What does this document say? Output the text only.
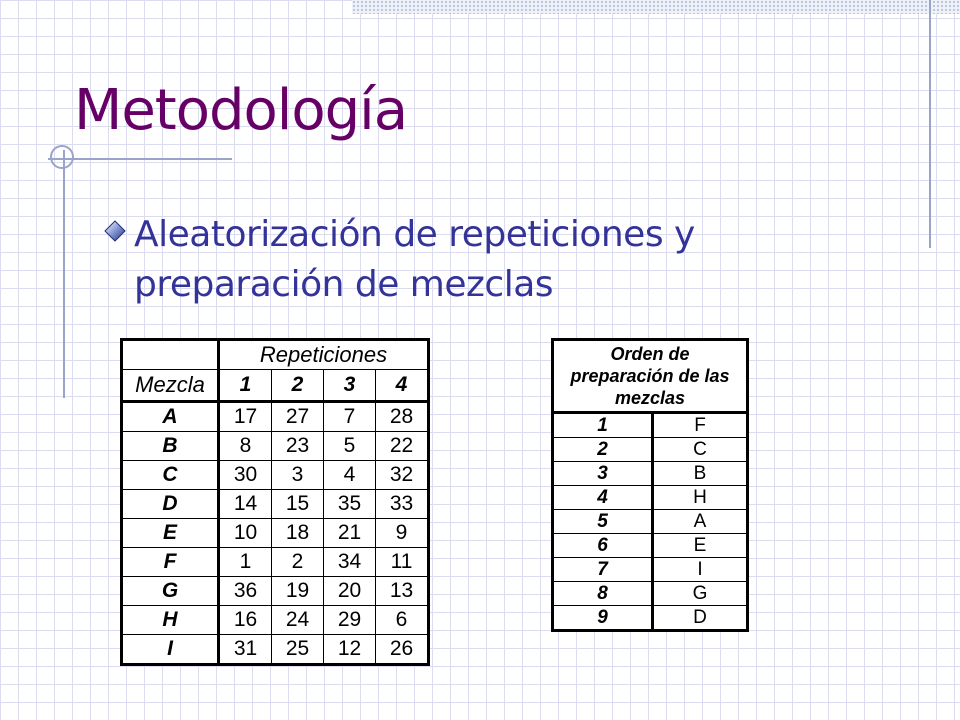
Metodología
Aleatorización de repeticiones y preparación de mezclas
	Repeticiones			
Mezcla	1	2	3	4
A	17	27	7	28
B	8	23	5	22
C	30	3	4	32
D	14	15	35	33
E	10	18	21	9
F	1	2	34	11
G	36	19	20	13
H	16	24	29	6
I	31	25	12	26
Orden de
preparación de las
mezclas	

1	F
2	C
3	B
4	H
5	A
6	E
7	I
8	G
9	D
